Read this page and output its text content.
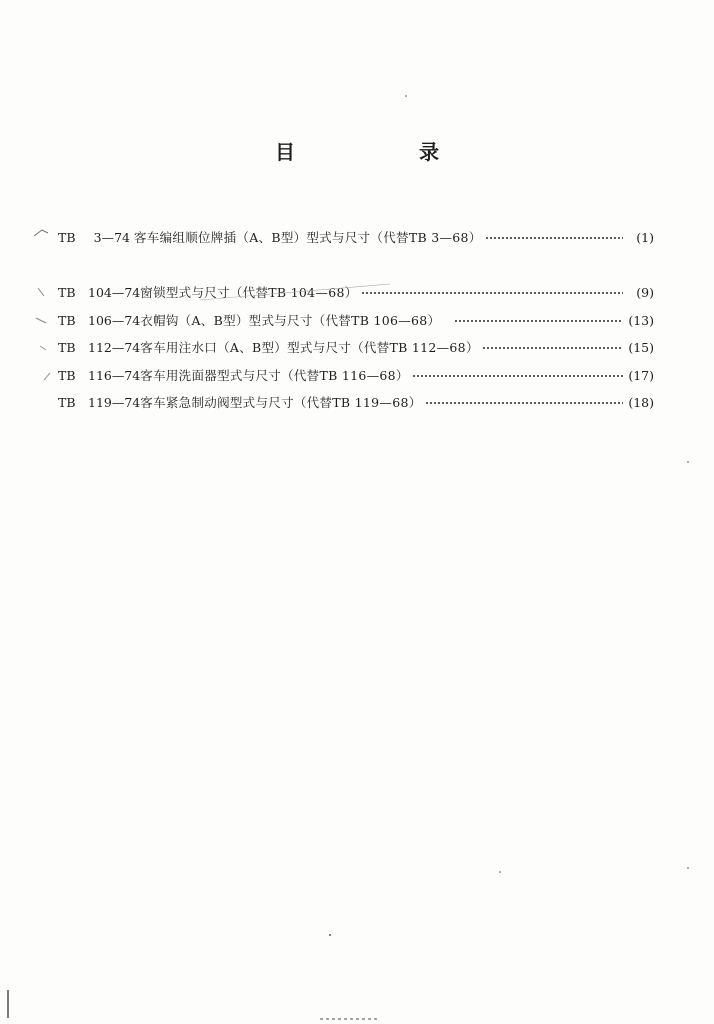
目　录
TB 3—74 客车编组顺位牌插（A、B型）型式与尺寸（代替TB 3—68）	(1)
TB 104—74 窗锁型式与尺寸（代替TB 104—68）	(9)
TB 106—74 衣帽钩（A、B型）型式与尺寸（代替TB 106—68）	(13)
TB 112—74 客车用注水口（A、B型）型式与尺寸（代替TB 112—68）	(15)
TB 116—74 客车用洗面器型式与尺寸（代替TB 116—68）	(17)
TB 119—74 客车紧急制动阀型式与尺寸（代替TB 119—68）	(18)
